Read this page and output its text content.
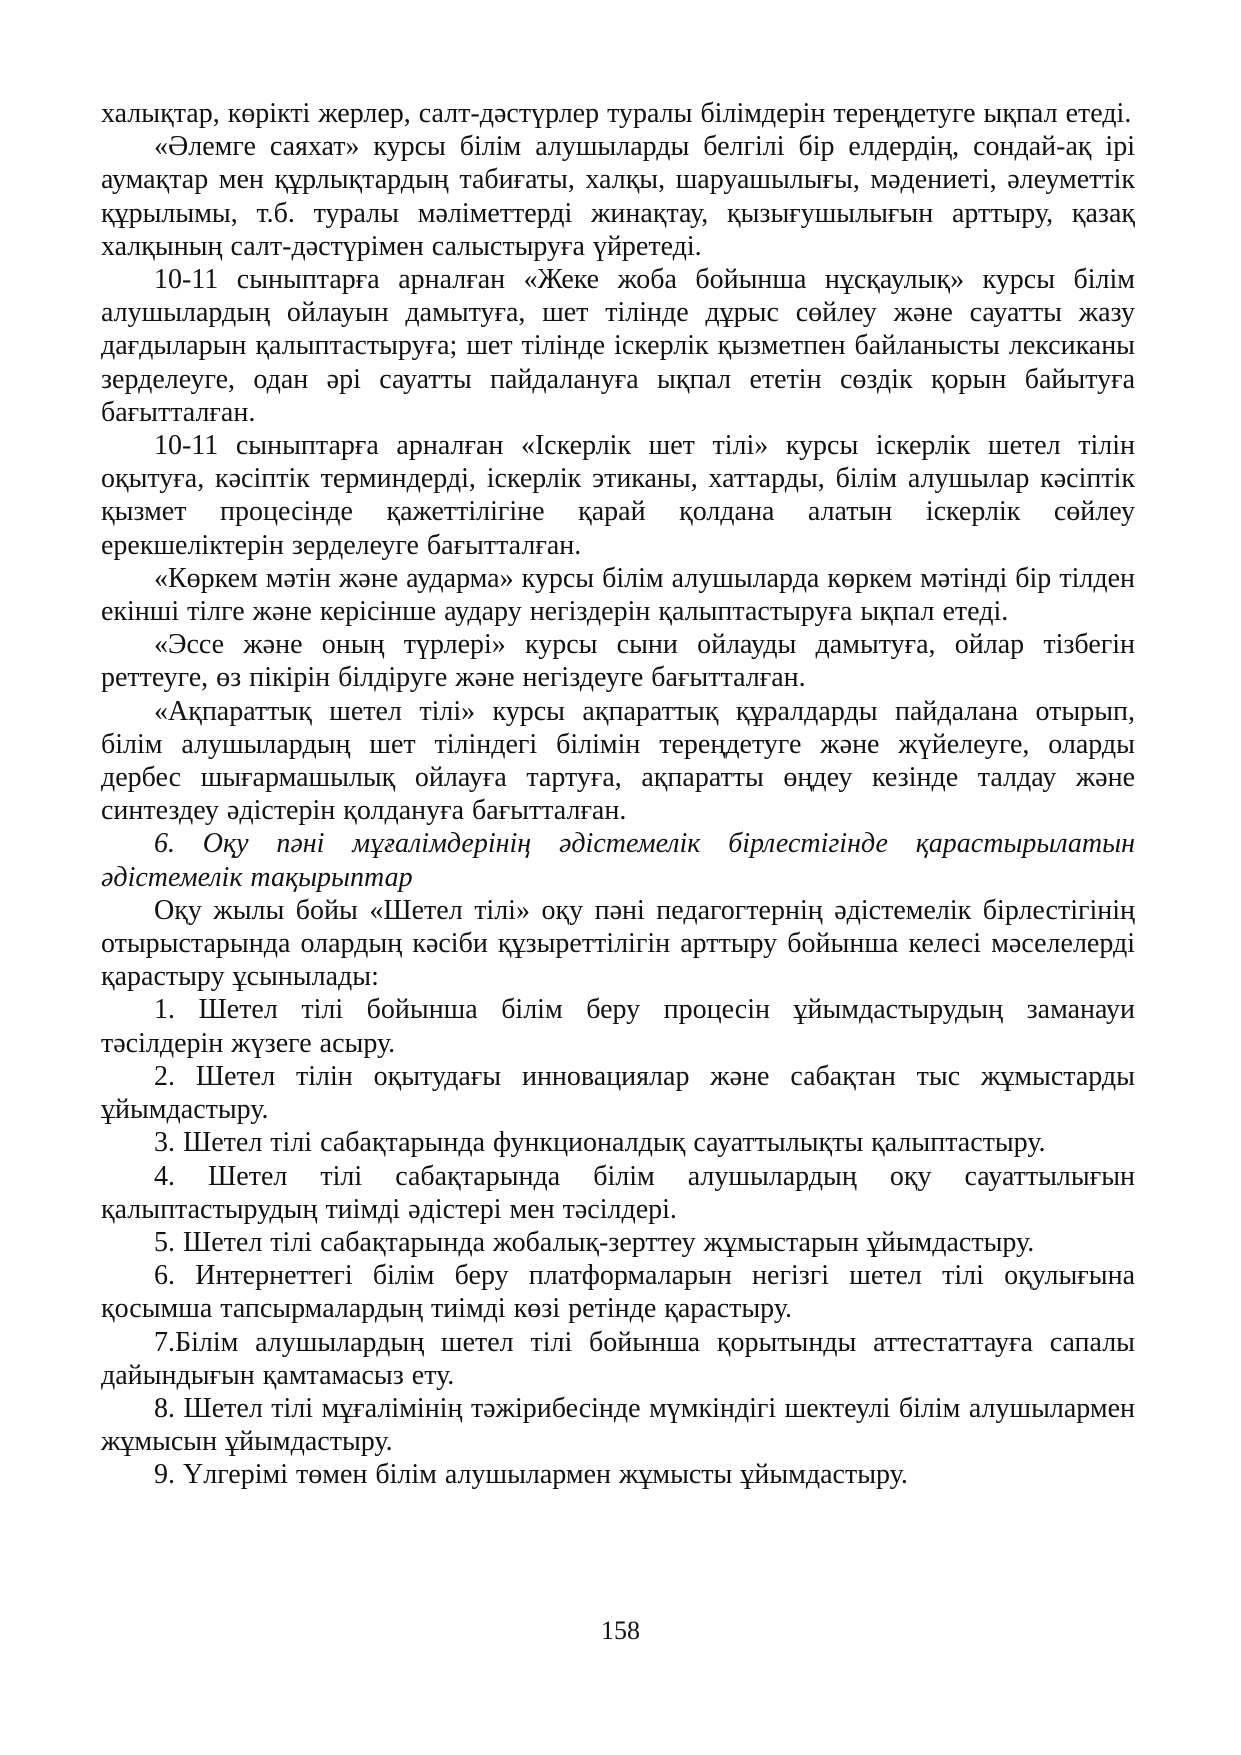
халықтар, көрікті жерлер, салт-дәстүрлер туралы білімдерін тереңдетуге ықпал етеді.

«Әлемге саяхат» курсы білім алушыларды белгілі бір елдердің, сондай-ақ ірі аумақтар мен құрлықтардың табиғаты, халқы, шаруашылығы, мәдениеті, әлеуметтік құрылымы, т.б. туралы мәліметтерді жинақтау, қызығушылығын арттыру, қазақ халқының салт-дәстүрімен салыстыруға үйретеді.

10-11 сыныптарға арналған «Жеке жоба бойынша нұсқаулық» курсы білім алушылардың ойлауын дамытуға, шет тілінде дұрыс сөйлеу және сауатты жазу дағдыларын қалыптастыруға; шет тілінде іскерлік қызметпен байланысты лексиканы зерделеуге, одан әрі сауатты пайдалануға ықпал ететін сөздік қорын байытуға бағытталған.

10-11 сыныптарға арналған «Іскерлік шет тілі» курсы іскерлік шетел тілін оқытуға, кәсіптік терминдерді, іскерлік этиканы, хаттарды, білім алушылар кәсіптік қызмет процесінде қажеттілігіне қарай қолдана алатын іскерлік сөйлеу ерекшеліктерін зерделеуге бағытталған.

«Көркем мәтін және аударма» курсы білім алушыларда көркем мәтінді бір тілден екінші тілге және керісінше аудару негіздерін қалыптастыруға ықпал етеді.

«Эссе және оның түрлері» курсы сыни ойлауды дамытуға, ойлар тізбегін реттеуге, өз пікірін білдіруге және негіздеуге бағытталған.

«Ақпараттық шетел тілі» курсы ақпараттық құралдарды пайдалана отырып, білім алушылардың шет тіліндегі білімін тереңдетуге және жүйелеуге, оларды дербес шығармашылық ойлауға тартуға, ақпаратты өңдеу кезінде талдау және синтездеу әдістерін қолдануға бағытталған.

6. Оқу пәні мұғалімдерінің әдістемелік бірлестігінде қарастырылатын әдістемелік тақырыптар

Оқу жылы бойы «Шетел тілі» оқу пәні педагогтернің әдістемелік бірлестігінің отырыстарында олардың кәсіби құзыреттілігін арттыру бойынша келесі мәселелерді қарастыру ұсынылады:

1. Шетел тілі бойынша білім беру процесін ұйымдастырудың заманауи тәсілдерін жүзеге асыру.

2. Шетел тілін оқытудағы инновациялар және сабақтан тыс жұмыстарды ұйымдастыру.

3. Шетел тілі сабақтарында функционалдық сауаттылықты қалыптастыру.

4. Шетел тілі сабақтарында білім алушылардың оқу сауаттылығын қалыптастырудың тиімді әдістері мен тәсілдері.

5. Шетел тілі сабақтарында жобалық-зерттеу жұмыстарын ұйымдастыру.

6. Интернеттегі білім беру платформаларын негізгі шетел тілі оқулығына қосымша тапсырмалардың тиімді көзі ретінде қарастыру.

7.Білім алушылардың шетел тілі бойынша қорытынды аттестаттауға сапалы дайындығын қамтамасыз ету.

8. Шетел тілі мұғалімінің тәжірибесінде мүмкіндігі шектеулі білім алушылармен жұмысын ұйымдастыру.

9. Үлгерімі төмен білім алушылармен жұмысты ұйымдастыру.

158
